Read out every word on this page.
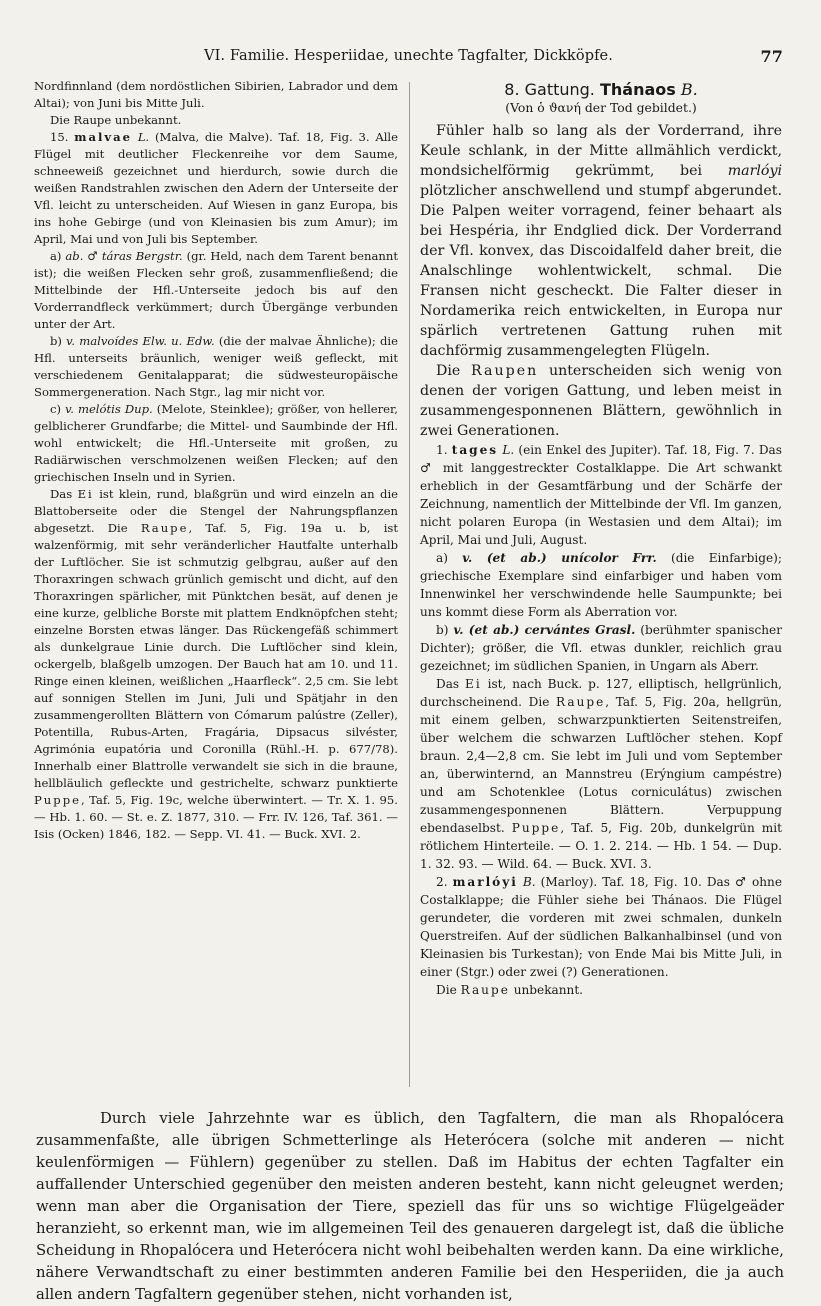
VI. Familie. Hesperiidae, unechte Tagfalter, Dickköpfe.	77

Nordfinnland (dem nordöstlichen Sibirien, Labrador und dem Altai); von Juni bis Mitte Juli.

Die Raupe unbekannt.

15. malvae L. (Malva, die Malve). Taf. 18, Fig. 3. Alle Flügel mit deutlicher Fleckenreihe vor dem Saume, schneeweiß gezeichnet und hierdurch, sowie durch die weißen Randstrahlen zwischen den Adern der Unterseite der Vfl. leicht zu unterscheiden. Auf Wiesen in ganz Europa, bis ins hohe Gebirge (und von Kleinasien bis zum Amur); im April, Mai und von Juli bis September.

a) ab. ♂ táras Bergstr. (gr. Held, nach dem Tarent benannt ist); die weißen Flecken sehr groß, zusammenfließend; die Mittelbinde der Hfl.-Unterseite jedoch bis auf den Vorderrandfleck verkümmert; durch Übergänge verbunden unter der Art.

b) v. malvoídes Elw. u. Edw. (die der malvae Ähnliche); die Hfl. unterseits bräunlich, weniger weiß gefleckt, mit verschiedenem Genitalapparat; die südwesteuropäische Sommergeneration. Nach Stgr., lag mir nicht vor.

c) v. melótis Dup. (Melote, Steinklee); größer, von hellerer, gelblicherer Grundfarbe; die Mittel- und Saumbinde der Hfl. wohl entwickelt; die Hfl.-Unterseite mit großen, zu Radiärwischen verschmolzenen weißen Flecken; auf den griechischen Inseln und in Syrien.

Das Ei ist klein, rund, blaßgrün und wird einzeln an die Blattoberseite oder die Stengel der Nahrungspflanzen abgesetzt. Die Raupe, Taf. 5, Fig. 19a u. b, ist walzenförmig, mit sehr veränderlicher Hautfalte unterhalb der Luftlöcher. Sie ist schmutzig gelbgrau, außer auf den Thoraxringen schwach grünlich gemischt und dicht, auf den Thoraxringen spärlicher, mit Pünktchen besät, auf denen je eine kurze, gelbliche Borste mit plattem Endknöpfchen steht; einzelne Borsten etwas länger. Das Rückengefäß schimmert als dunkelgraue Linie durch. Die Luftlöcher sind klein, ockergelb, blaßgelb umzogen. Der Bauch hat am 10. und 11. Ringe einen kleinen, weißlichen „Haarfleck“. 2,5 cm. Sie lebt auf sonnigen Stellen im Juni, Juli und Spätjahr in den zusammengerollten Blättern von Cómarum palústre (Zeller), Potentilla, Rubus-Arten, Fragária, Dipsacus silvéster, Agrimónia eupatória und Coronilla (Rühl.-H. p. 677/78). Innerhalb einer Blattrolle verwandelt sie sich in die braune, hellbläulich gefleckte und gestrichelte, schwarz punktierte Puppe, Taf. 5, Fig. 19c, welche überwintert. — Tr. X. 1. 95. — Hb. 1. 60. — St. e. Z. 1877, 310. — Frr. IV. 126, Taf. 361. — Isis (Ocken) 1846, 182. — Sepp. VI. 41. — Buck. XVI. 2.

8. Gattung. Thánaos B.
(Von ὁ ϑανή der Tod gebildet.)

Fühler halb so lang als der Vorderrand, ihre Keule schlank, in der Mitte allmählich verdickt, mondsichelförmig gekrümmt, bei marlóyi plötzlicher anschwellend und stumpf abgerundet. Die Palpen weiter vorragend, feiner behaart als bei Hespéria, ihr Endglied dick. Der Vorderrand der Vfl. konvex, das Discoidalfeld daher breit, die Analschlinge wohlentwickelt, schmal. Die Fransen nicht gescheckt. Die Falter dieser in Nordamerika reich entwickelten, in Europa nur spärlich vertretenen Gattung ruhen mit dachförmig zusammengelegten Flügeln.

Die Raupen unterscheiden sich wenig von denen der vorigen Gattung, und leben meist in zusammengesponnenen Blättern, gewöhnlich in zwei Generationen.

1. tages L. (ein Enkel des Jupiter). Taf. 18, Fig. 7. Das ♂ mit langgestreckter Costalklappe. Die Art schwankt erheblich in der Gesamtfärbung und der Schärfe der Zeichnung, namentlich der Mittelbinde der Vfl. Im ganzen, nicht polaren Europa (in Westasien und dem Altai); im April, Mai und Juli, August.

a) v. (et ab.) unícolor Frr. (die Einfarbige); griechische Exemplare sind einfarbiger und haben vom Innenwinkel her verschwindende helle Saumpunkte; bei uns kommt diese Form als Aberration vor.

b) v. (et ab.) cervántes Grasl. (berühmter spanischer Dichter); größer, die Vfl. etwas dunkler, reichlich grau gezeichnet; im südlichen Spanien, in Ungarn als Aberr.

Das Ei ist, nach Buck. p. 127, elliptisch, hellgrünlich, durchscheinend. Die Raupe, Taf. 5, Fig. 20a, hellgrün, mit einem gelben, schwarzpunktierten Seitenstreifen, über welchem die schwarzen Luftlöcher stehen. Kopf braun. 2,4—2,8 cm. Sie lebt im Juli und vom September an, überwinternd, an Mannstreu (Erýngium campéstre) und am Schotenklee (Lotus corniculátus) zwischen zusammengesponnenen Blättern. Verpuppung ebendaselbst. Puppe, Taf. 5, Fig. 20b, dunkelgrün mit rötlichem Hinterteile. — O. 1. 2. 214. — Hb. 1 54. — Dup. 1. 32. 93. — Wild. 64. — Buck. XVI. 3.

2. marlóyi B. (Marloy). Taf. 18, Fig. 10. Das ♂ ohne Costalklappe; die Fühler siehe bei Thánaos. Die Flügel gerundeter, die vorderen mit zwei schmalen, dunkeln Querstreifen. Auf der südlichen Balkanhalbinsel (und von Kleinasien bis Turkestan); von Ende Mai bis Mitte Juli, in einer (Stgr.) oder zwei (?) Generationen.

Die Raupe unbekannt.

Durch viele Jahrzehnte war es üblich, den Tagfaltern, die man als Rhopalócera zusammenfaßte, alle übrigen Schmetterlinge als Heterócera (solche mit anderen — nicht keulenförmigen — Fühlern) gegenüber zu stellen. Daß im Habitus der echten Tagfalter ein auffallender Unterschied gegenüber den meisten anderen besteht, kann nicht geleugnet werden; wenn man aber die Organisation der Tiere, speziell das für uns so wichtige Flügelgeäder heranzieht, so erkennt man, wie im allgemeinen Teil des genaueren dargelegt ist, daß die übliche Scheidung in Rhopalócera und Heterócera nicht wohl beibehalten werden kann. Da eine wirkliche, nähere Verwandtschaft zu einer bestimmten anderen Familie bei den Hesperiiden, die ja auch allen andern Tagfaltern gegenüber stehen, nicht vorhanden ist,
